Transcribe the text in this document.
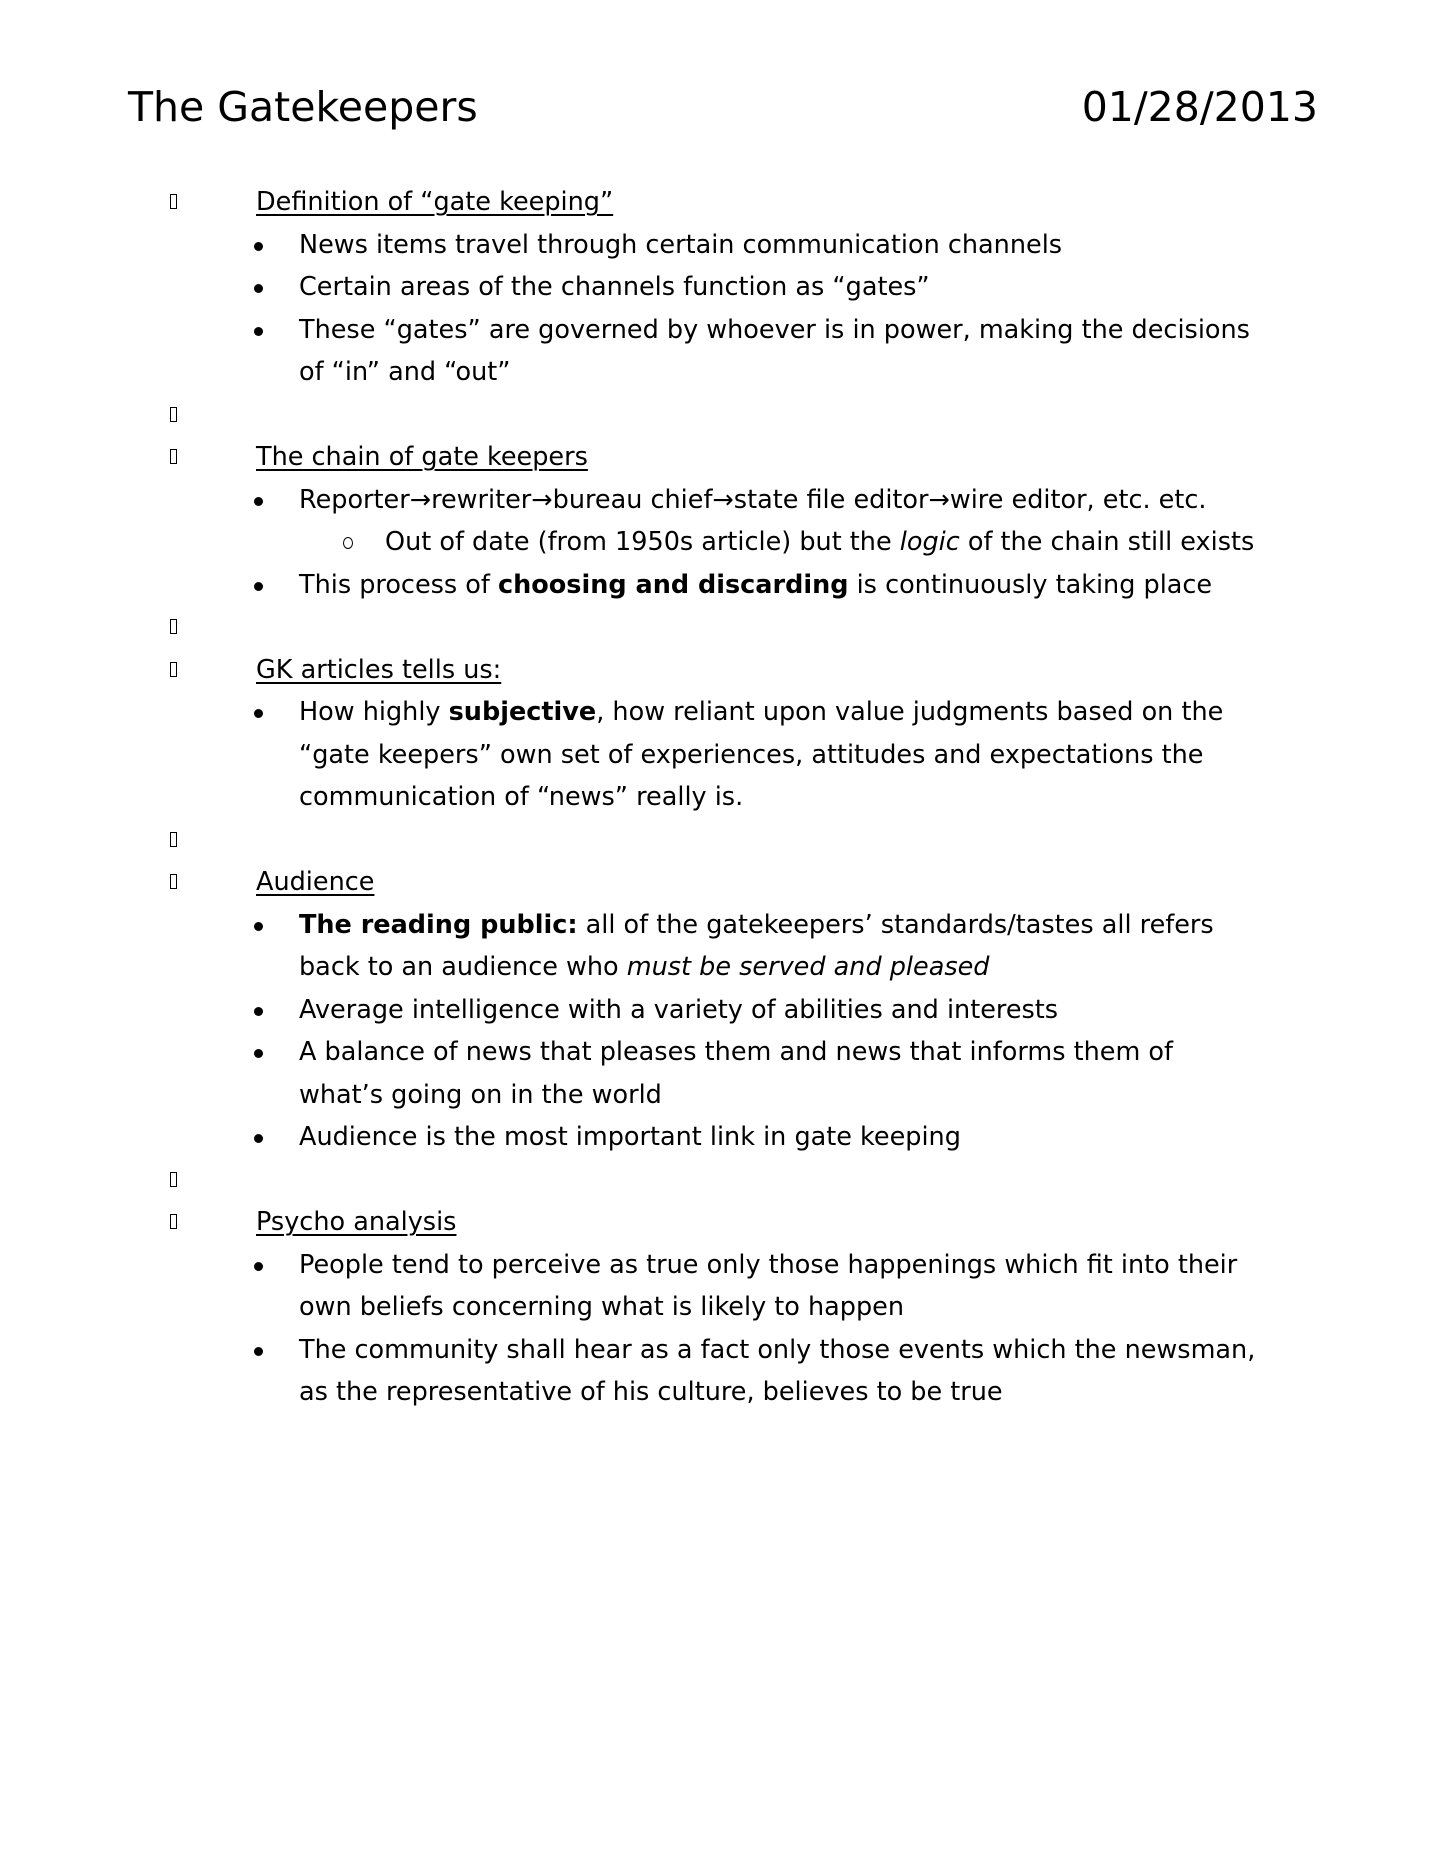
The Gatekeepers	01/28/2013
Definition of “gate keeping”
News items travel through certain communication channels
Certain areas of the channels function as “gates”
These “gates” are governed by whoever is in power, making the decisions
of “in” and “out”
The chain of gate keepers
Reporter→rewriter→bureau chief→state file editor→wire editor, etc. etc.
Out of date (from 1950s article) but the logic of the chain still exists
This process of choosing and discarding is continuously taking place
GK articles tells us:
How highly subjective, how reliant upon value judgments based on the
“gate keepers” own set of experiences, attitudes and expectations the
communication of “news” really is.
Audience
The reading public: all of the gatekeepers’ standards/tastes all refers
back to an audience who must be served and pleased
Average intelligence with a variety of abilities and interests
A balance of news that pleases them and news that informs them of
what’s going on in the world
Audience is the most important link in gate keeping
Psycho analysis
People tend to perceive as true only those happenings which fit into their
own beliefs concerning what is likely to happen
The community shall hear as a fact only those events which the newsman,
as the representative of his culture, believes to be true
